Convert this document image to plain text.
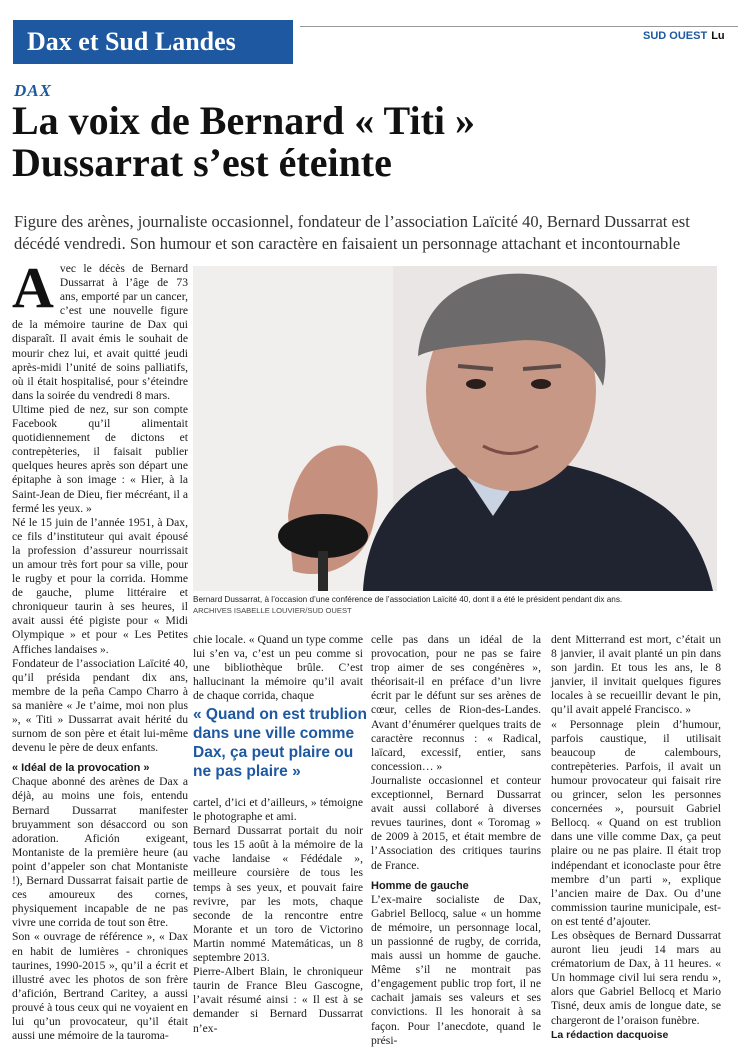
Dax et Sud Landes	SUD OUEST Lu
DAX
La voix de Bernard « Titi »
Dussarrat s’est éteinte
Figure des arènes, journaliste occasionnel, fondateur de l’association Laïcité 40, Bernard Dussarrat est décédé vendredi. Son humour et son caractère en faisaient un personnage attachant et incontournable
A vec le décès de Bernard Dussarrat à l’âge de 73 ans, emporté par un cancer, c’est une nouvelle figure de la mémoire taurine de Dax qui disparaît. Il avait émis le souhait de mourir chez lui, et avait quitté jeudi après-midi l’unité de soins palliatifs, où il était hospitalisé, pour s’éteindre dans la soirée du vendredi 8 mars.

Ultime pied de nez, sur son compte Facebook qu’il alimentait quotidiennement de dictons et contrepèteries, il faisait publier quelques heures après son départ une épitaphe à son image : « Hier, à la Saint-Jean de Dieu, fier mécréant, il a fermé les yeux. »

Né le 15 juin de l’année 1951, à Dax, ce fils d’instituteur qui avait épousé la profession d’assureur nourrissait un amour très fort pour sa ville, pour le rugby et pour la corrida. Homme de gauche, plume littéraire et chroniqueur taurin à ses heures, il avait aussi été pigiste pour « Midi Olympique » et pour « Les Petites Affiches landaises ».

Fondateur de l’association Laïcité 40, qu’il présida pendant dix ans, membre de la peña Campo Charro à sa manière « Je t’aime, moi non plus », « Titi » Dussarrat avait hérité du surnom de son père et était lui-même devenu le père de deux enfants.

« Idéal de la provocation »

Chaque abonné des arènes de Dax a déjà, au moins une fois, entendu Bernard Dussarrat manifester bruyamment son désaccord ou son adoration. Afición exigeant, Montaniste de la première heure (au point d’appeler son chat Montaniste !), Bernard Dussarrat faisait partie de ces amoureux des cornes, physiquement incapable de ne pas vivre une corrida de tout son être.

Son « ouvrage de référence », « Dax en habit de lumières - chroniques taurines, 1990-2015 », qu’il a écrit et illustré avec les photos de son frère d’afición, Bertrand Caritey, a aussi prouvé à tous ceux qui ne voyaient en lui qu’un provocateur, qu’il était aussi une mémoire de la tauroma-

Bernard Dussarrat, à l’occasion d’une conférence de l’association Laïcité 40, dont il a été le président pendant dix ans.
ARCHIVES ISABELLE LOUVIER/SUD OUEST

chie locale. « Quand un type comme lui s’en va, c’est un peu comme si une bibliothèque brûle. C’est hallucinant la mémoire qu’il avait de chaque corrida, chaque

« Quand on est trublion dans une ville comme Dax, ça peut plaire ou ne pas plaire »

cartel, d’ici et d’ailleurs, » témoigne le photographe et ami.

Bernard Dussarrat portait du noir tous les 15 août à la mémoire de la vache landaise « Fédédale », meilleure coursière de tous les temps à ses yeux, et pouvait faire revivre, par les mots, chaque seconde de la rencontre entre Morante et un toro de Victorino Martin nommé Matemáticas, un 8 septembre 2013.

Pierre-Albert Blain, le chroniqueur taurin de France Bleu Gascogne, l’avait résumé ainsi : « Il est à se demander si Bernard Dussarrat n’ex-

celle pas dans un idéal de la provocation, pour ne pas se faire trop aimer de ses congénères », théorisait-il en préface d’un livre écrit par le défunt sur ses arènes de cœur, celles de Rion-des-Landes. Avant d’énumérer quelques traits de caractère reconnus : « Radical, laïcard, excessif, entier, sans concession… »

Journaliste occasionnel et conteur exceptionnel, Bernard Dussarrat avait aussi collaboré à diverses revues taurines, dont « Toromag » de 2009 à 2015, et était membre de l’Association des critiques taurins de France.

Homme de gauche

L’ex-maire socialiste de Dax, Gabriel Bellocq, salue « un homme de mémoire, un personnage local, un passionné de rugby, de corrida, mais aussi un homme de gauche. Même s’il ne montrait pas d’engagement public trop fort, il ne cachait jamais ses valeurs et ses convictions. Il les honorait à sa façon. Pour l’anecdote, quand le prési-

dent Mitterrand est mort, c’était un 8 janvier, il avait planté un pin dans son jardin. Et tous les ans, le 8 janvier, il invitait quelques figures locales à se recueillir devant le pin, qu’il avait appelé Francisco. »

« Personnage plein d’humour, parfois caustique, il utilisait beaucoup de calembours, contrepèteries. Parfois, il avait un humour provocateur qui faisait rire ou grincer, selon les personnes concernées », poursuit Gabriel Bellocq. « Quand on est trublion dans une ville comme Dax, ça peut plaire ou ne pas plaire. Il était trop indépendant et iconoclaste pour être membre d’un parti », explique l’ancien maire de Dax. Ou d’une commission taurine municipale, est-on est tenté d’ajouter.

Les obsèques de Bernard Dussarrat auront lieu jeudi 14 mars au crématorium de Dax, à 11 heures. « Un hommage civil lui sera rendu », alors que Gabriel Bellocq et Mario Tisné, deux amis de longue date, se chargeront de l’oraison funèbre.

La rédaction dacquoise
